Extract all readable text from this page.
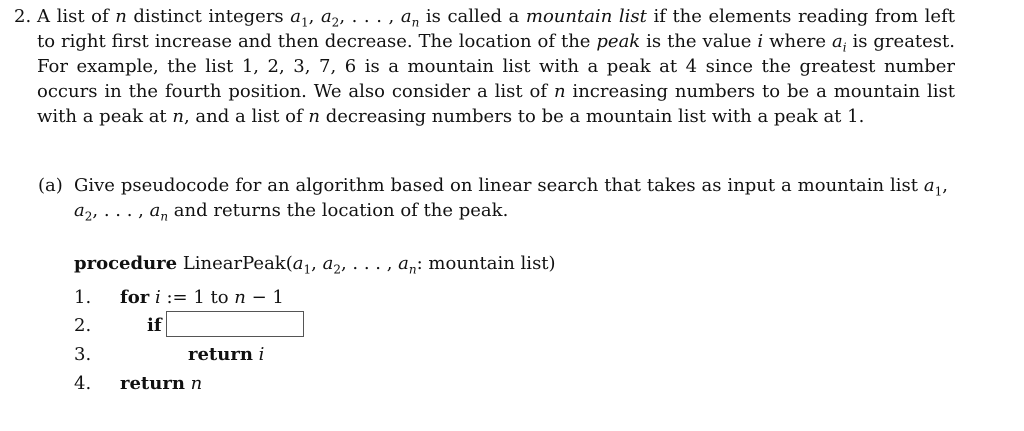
2. A list of n distinct integers $a_1$, $a_2$, . . . , $a_n$ is called a mountain list if the elements reading from left to right first increase and then decrease. The location of the peak is the value i where $a_i$ is greatest. For example, the list 1, 2, 3, 7, 6 is a mountain list with a peak at 4 since the greatest number occurs in the fourth position. We also consider a list of n increasing numbers to be a mountain list with a peak at n, and a list of n decreasing numbers to be a mountain list with a peak at 1.
(a) Give pseudocode for an algorithm based on linear search that takes as input a mountain list $a_1$, $a_2$, . . . , $a_n$ and returns the location of the peak.
procedure $LinearPeak(a_1$, $a_2$, . . . , $a_n$: mountain list)
1. for i := 1 to n − 1
2.	if
3.	return i
4. return n
